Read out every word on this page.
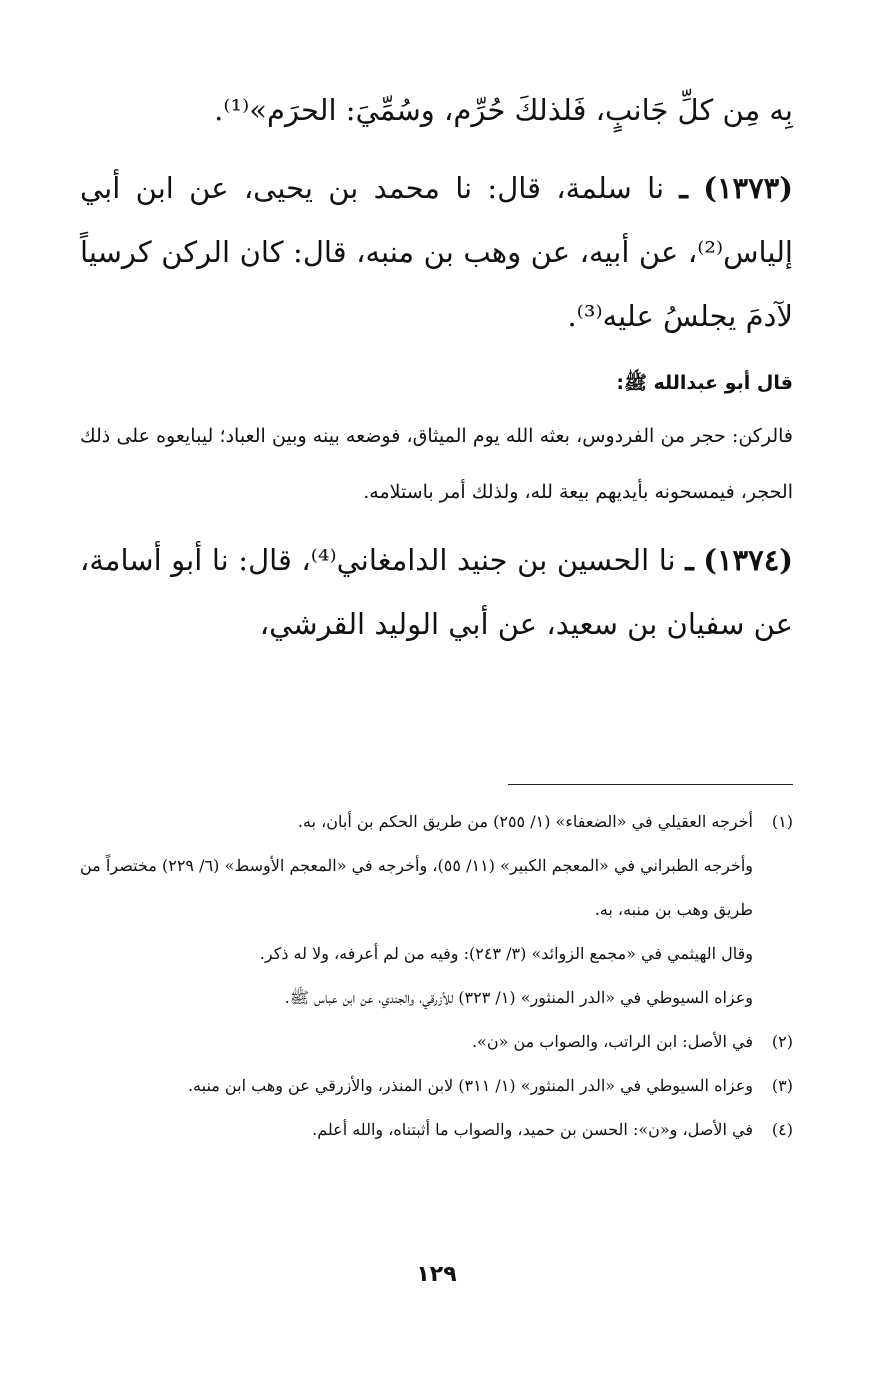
بِه مِن كلِّ جَانبٍ، فَلذلكَ حُرِّم، وسُمِّيَ: الحرَم»⁽¹⁾.

(١٣٧٣) ـ نا سلمة، قال: نا محمد بن يحيى، عن ابن أبي إلياس⁽²⁾، عن أبيه، عن وهب بن منبه، قال: كان الركن كرسياً لآدمَ يجلسُ عليه⁽³⁾.

قال أبو عبدالله ﷺ:

فالركن: حجر من الفردوس، بعثه الله يوم الميثاق، فوضعه بينه وبين العباد؛ ليبايعوه على ذلك الحجر، فيمسحونه بأيديهم بيعة لله، ولذلك أمر باستلامه.

(١٣٧٤) ـ نا الحسين بن جنيد الدامغاني⁽⁴⁾، قال: نا أبو أسامة، عن سفيان بن سعيد، عن أبي الوليد القرشي،

(١)
أخرجه العقيلي في «الضعفاء» (١/ ٢٥٥) من طريق الحكم بن أبان، به.
وأخرجه الطبراني في «المعجم الكبير» (١١/ ٥٥)، وأخرجه في «المعجم الأوسط» (٦/ ٢٢٩) مختصراً من طريق وهب بن منبه، به.
وقال الهيثمي في «مجمع الزوائد» (٣/ ٢٤٣): وفيه من لم أعرفه، ولا له ذكر.
وعزاه السيوطي في «الدر المنثور» (١/ ٣٢٣) للأزرقي، والجندي، عن ابن عباس ﷺ.
(٢)
في الأصل: ابن الراتب، والصواب من «ن».
(٣)
وعزاه السيوطي في «الدر المنثور» (١/ ٣١١) لابن المنذر، والأزرقي عن وهب ابن منبه.
(٤)
في الأصل، و«ن»: الحسن بن حميد، والصواب ما أثبتناه، والله أعلم.
١٢٩
